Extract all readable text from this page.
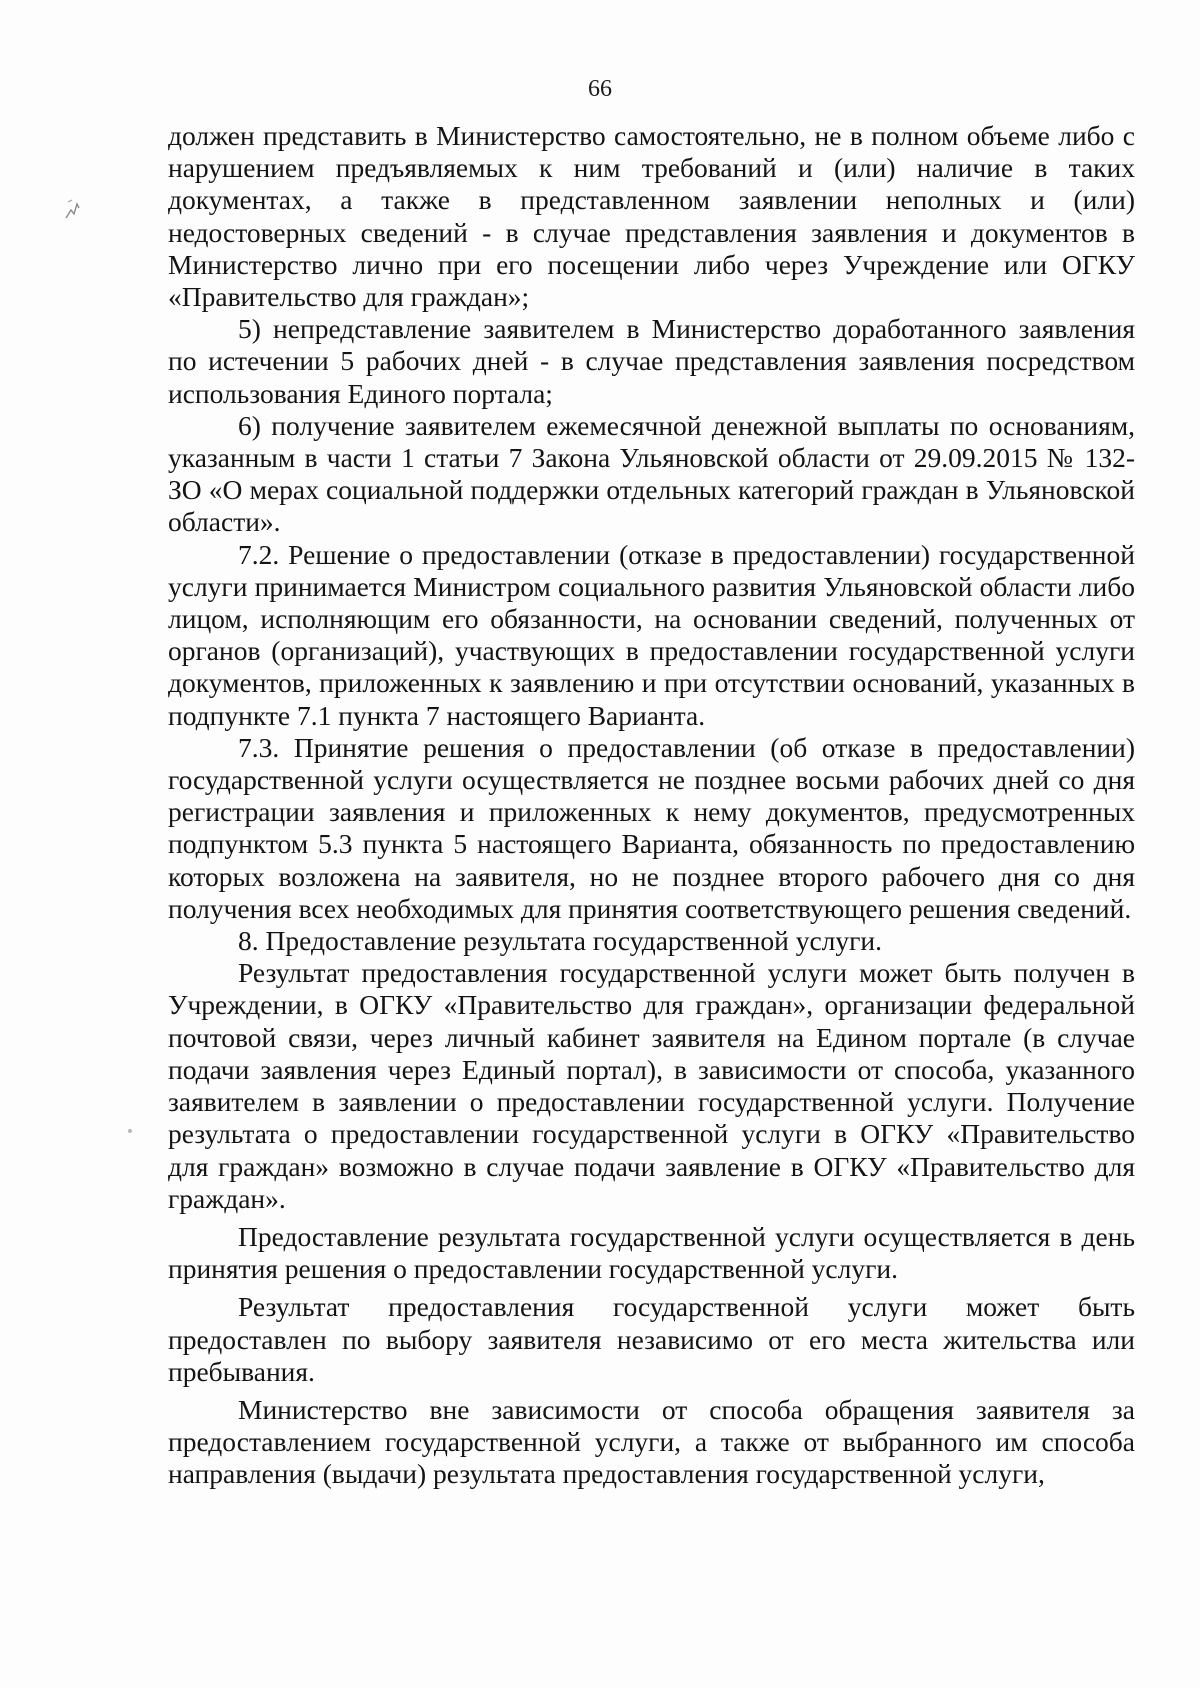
66

должен представить в Министерство самостоятельно, не в полном объеме либо с нарушением предъявляемых к ним требований и (или) наличие в таких документах, а также в представленном заявлении неполных и (или) недостоверных сведений - в случае представления заявления и документов в Министерство лично при его посещении либо через Учреждение или ОГКУ «Правительство для граждан»;

5) непредставление заявителем в Министерство доработанного заявления по истечении 5 рабочих дней - в случае представления заявления посредством использования Единого портала;

6) получение заявителем ежемесячной денежной выплаты по основаниям, указанным в части 1 статьи 7 Закона Ульяновской области от 29.09.2015 № 132-ЗО «О мерах социальной поддержки отдельных категорий граждан в Ульяновской области».

7.2. Решение о предоставлении (отказе в предоставлении) государственной услуги принимается Министром социального развития Ульяновской области либо лицом, исполняющим его обязанности, на основании сведений, полученных от органов (организаций), участвующих в предоставлении государственной услуги документов, приложенных к заявлению и при отсутствии оснований, указанных в подпункте 7.1 пункта 7 настоящего Варианта.

7.3. Принятие решения о предоставлении (об отказе в предоставлении) государственной услуги осуществляется не позднее восьми рабочих дней со дня регистрации заявления и приложенных к нему документов, предусмотренных подпунктом 5.3 пункта 5 настоящего Варианта, обязанность по предоставлению которых возложена на заявителя, но не позднее второго рабочего дня со дня получения всех необходимых для принятия соответствующего решения сведений.

8. Предоставление результата государственной услуги.

Результат предоставления государственной услуги может быть получен в Учреждении, в ОГКУ «Правительство для граждан», организации федеральной почтовой связи, через личный кабинет заявителя на Едином портале (в случае подачи заявления через Единый портал), в зависимости от способа, указанного заявителем в заявлении о предоставлении государственной услуги. Получение результата о предоставлении государственной услуги в ОГКУ «Правительство для граждан» возможно в случае подачи заявление в ОГКУ «Правительство для граждан».

Предоставление результата государственной услуги осуществляется в день принятия решения о предоставлении государственной услуги.

Результат предоставления государственной услуги может быть предоставлен по выбору заявителя независимо от его места жительства или пребывания.

Министерство вне зависимости от способа обращения заявителя за предоставлением государственной услуги, а также от выбранного им способа направления (выдачи) результата предоставления государственной услуги,
